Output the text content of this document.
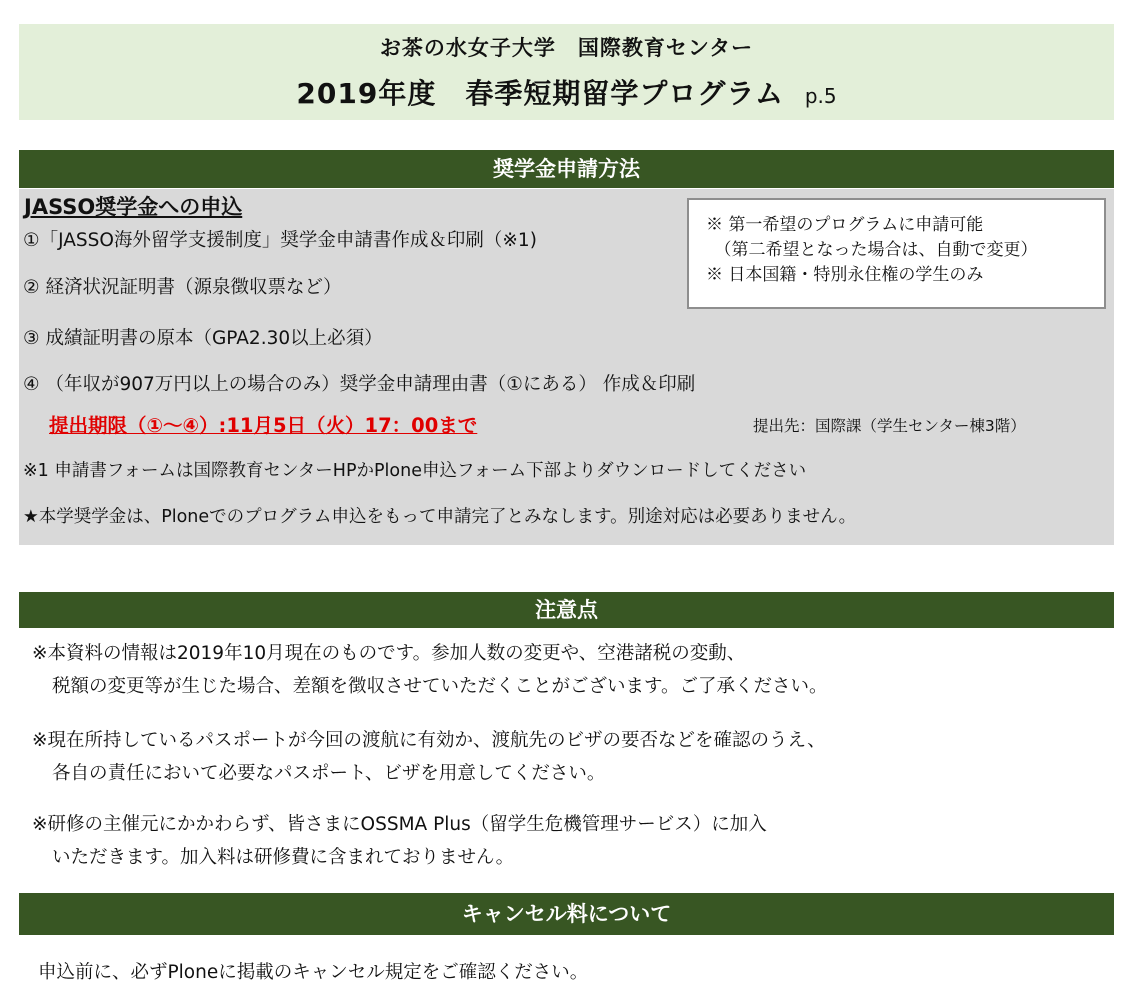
お茶の水女子大学　国際教育センター
2019年度　春季短期留学プログラム p.5
奨学金申請方法
JASSO奨学金への申込
①「JASSO海外留学支援制度」奨学金申請書作成＆印刷（※1)
② 経済状況証明書（源泉徴収票など）
③ 成績証明書の原本（GPA2.30以上必須）
④ （年収が907万円以上の場合のみ）奨学金申請理由書（①にある） 作成＆印刷
※ 第一希望のプログラムに申請可能
　（第二希望となった場合は、自動で変更）
※ 日本国籍・特別永住権の学生のみ
提出期限（①～④）:11月5日（火）17：00まで	提出先：国際課（学生センター棟3階）
※1 申請書フォームは国際教育センターHPかPlone申込フォーム下部よりダウンロードしてください
★本学奨学金は、Ploneでのプログラム申込をもって申請完了とみなします。別途対応は必要ありません。
注意点
※本資料の情報は2019年10月現在のものです。参加人数の変更や、空港諸税の変動、
税額の変更等が生じた場合、差額を徴収させていただくことがございます。ご了承ください。
※現在所持しているパスポートが今回の渡航に有効か、渡航先のビザの要否などを確認のうえ、
各自の責任において必要なパスポート、ビザを用意してください。
※研修の主催元にかかわらず、皆さまにOSSMA Plus（留学生危機管理サービス）に加入
いただきます。加入料は研修費に含まれておりません。
キャンセル料について
申込前に、必ずPloneに掲載のキャンセル規定をご確認ください。
